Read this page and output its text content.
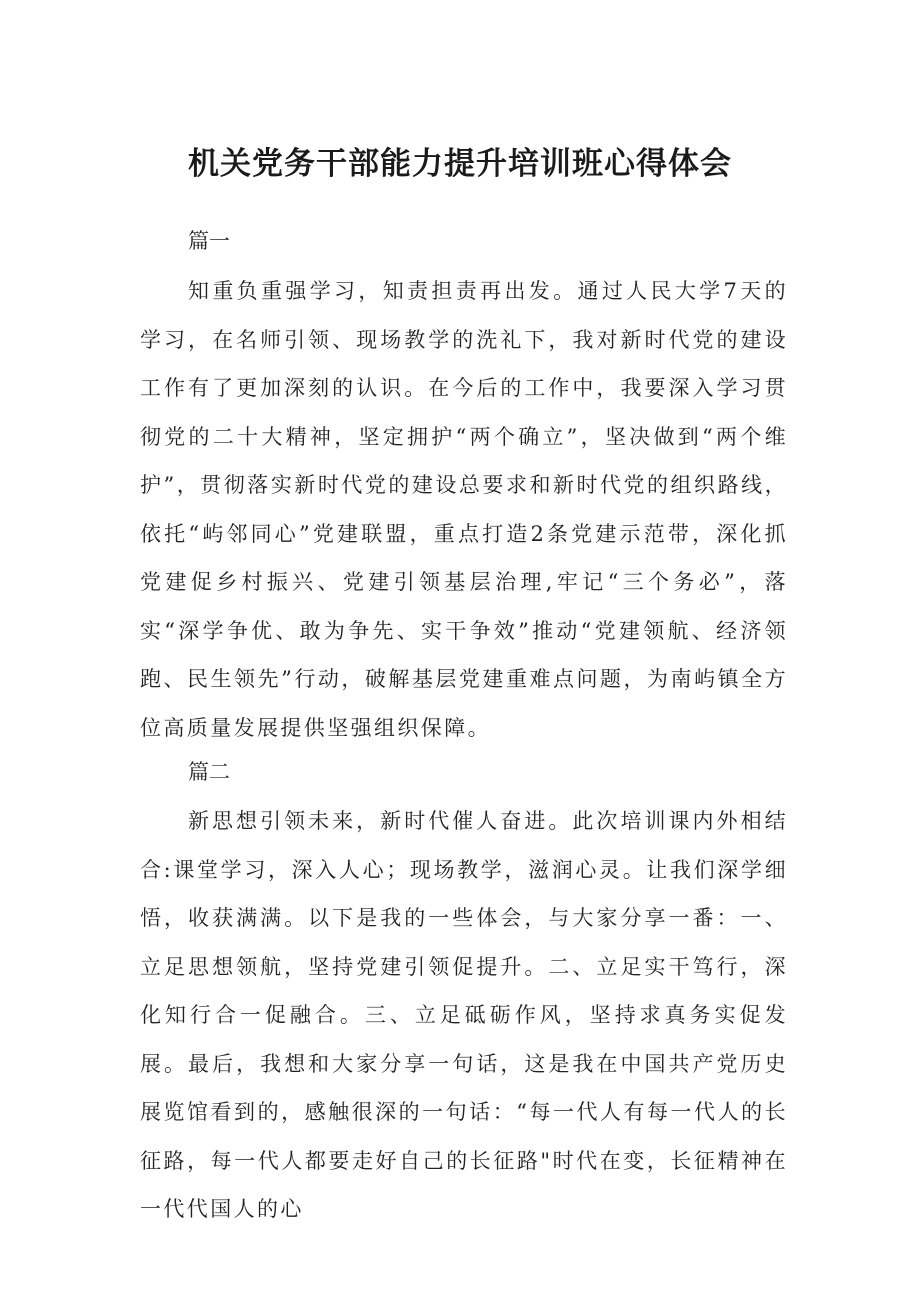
机关党务干部能力提升培训班心得体会
篇一

知重负重强学习，知责担责再出发。通过人民大学7天的学习，在名师引领、现场教学的洗礼下，我对新时代党的建设工作有了更加深刻的认识。在今后的工作中，我要深入学习贯彻党的二十大精神，坚定拥护“两个确立”，坚决做到“两个维护”，贯彻落实新时代党的建设总要求和新时代党的组织路线，依托“屿邻同心”党建联盟，重点打造2条党建示范带，深化抓党建促乡村振兴、党建引领基层治理,牢记“三个务必”，落实“深学争优、敢为争先、实干争效”推动“党建领航、经济领跑、民生领先”行动，破解基层党建重难点问题，为南屿镇全方位高质量发展提供坚强组织保障。

篇二

新思想引领未来，新时代催人奋进。此次培训课内外相结合:课堂学习，深入人心；现场教学，滋润心灵。让我们深学细悟，收获满满。以下是我的一些体会，与大家分享一番：一、立足思想领航，坚持党建引领促提升。二、立足实干笃行，深化知行合一促融合。三、立足砥砺作风，坚持求真务实促发展。最后，我想和大家分享一句话，这是我在中国共产党历史展览馆看到的，感触很深的一句话：“每一代人有每一代人的长征路，每一代人都要走好自己的长征路"时代在变，长征精神在一代代国人的心
